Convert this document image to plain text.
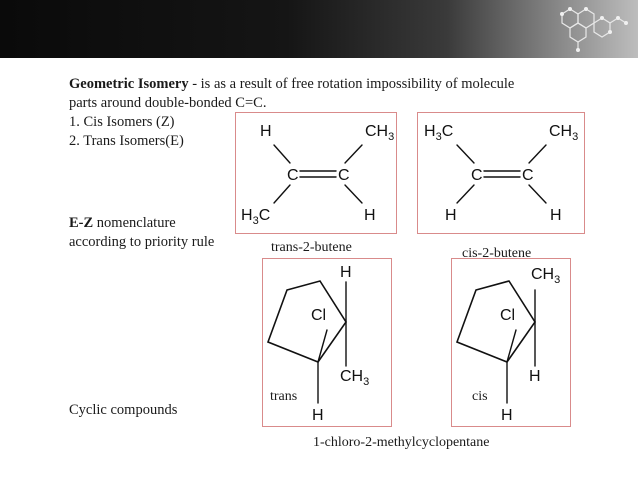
Geometric Isomery - is as a result of free rotation impossibility of molecule
parts around double-bonded C=C.
1. Cis Isomers (Z)
2. Trans Isomers(E)
E-Z nomenclature
according to priority rule
Cyclic compounds
trans-2-butene	cis-2-butene
trans	cis
1-chloro-2-methylcyclopentane
H	$CH_3$
C C
$H_3C$	H
$H_3C$	$CH_3$
C C
H	H
H
Cl
$CH_3$
H
$CH_3$
Cl
H
H
